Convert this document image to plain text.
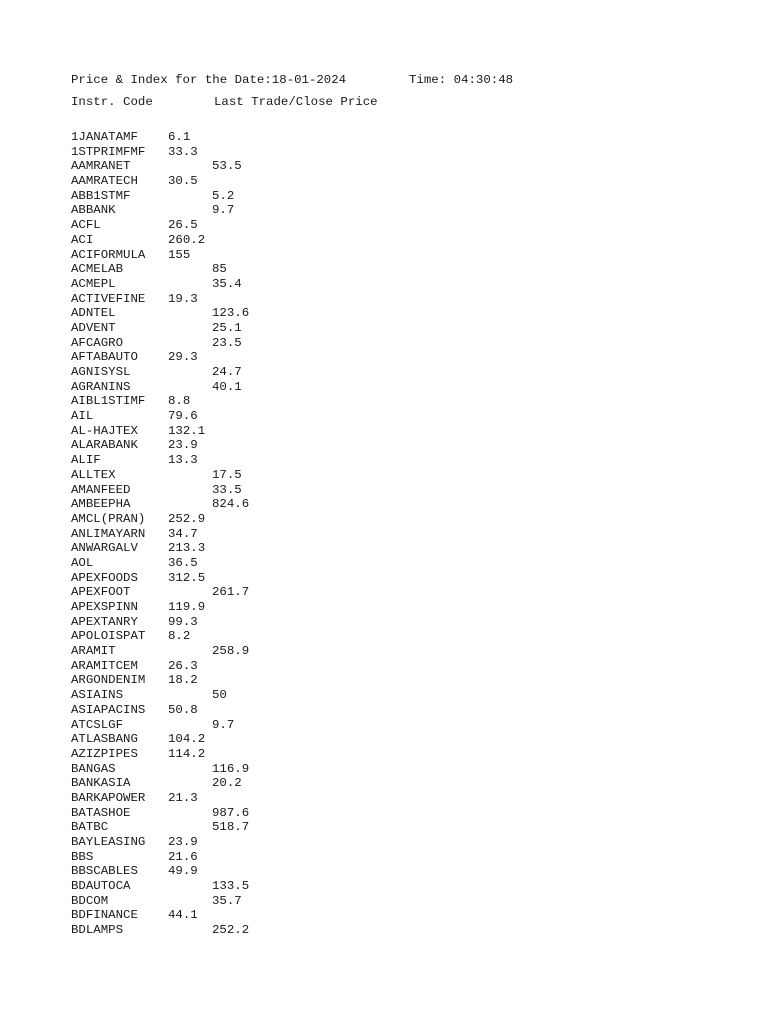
Price & Index for the Date:18-01-2024

	Time: 04:30:48

Instr. Code

	Last Trade/Close Price

1JANATAMF 6.1
1STPRIMFMF 33.3
AAMRANET	53.5
AAMRATECH 30.5
ABB1STMF	5.2
ABBANK	9.7
ACFL	26.5
ACI	260.2
ACIFORMULA 155
ACMELAB	85
ACMEPL	35.4
ACTIVEFINE 19.3
ADNTEL	123.6
ADVENT	25.1
AFCAGRO	23.5
AFTABAUTO 29.3
AGNISYSL	24.7
AGRANINS	40.1
AIBL1STIMF 8.8
AIL	79.6
AL-HAJTEX 132.1
ALARABANK 23.9
ALIF	13.3
ALLTEX	17.5
AMANFEED	33.5
AMBEEPHA	824.6
AMCL(PRAN) 252.9
ANLIMAYARN 34.7
ANWARGALV 213.3
AOL	36.5
APEXFOODS 312.5
APEXFOOT	261.7
APEXSPINN 119.9
APEXTANRY 99.3
APOLOISPAT 8.2
ARAMIT	258.9
ARAMITCEM 26.3
ARGONDENIM 18.2
ASIAINS	50
ASIAPACINS 50.8
ATCSLGF	9.7
ATLASBANG 104.2
AZIZPIPES 114.2
BANGAS	116.9
BANKASIA	20.2
BARKAPOWER 21.3
BATASHOE	987.6
BATBC	518.7
BAYLEASING 23.9
BBS	21.6
BBSCABLES 49.9
BDAUTOCA	133.5
BDCOM	35.7
BDFINANCE 44.1
BDLAMPS	252.2
